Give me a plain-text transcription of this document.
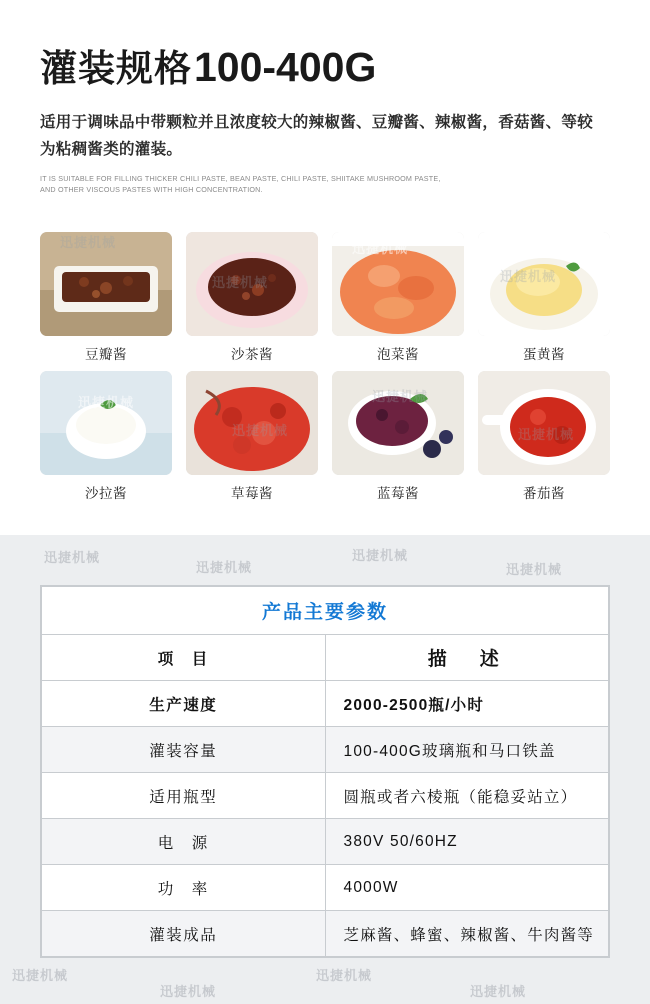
灌装规格 100-400G
适用于调味品中带颗粒并且浓度较大的辣椒酱、豆瓣酱、辣椒酱，香菇酱、等较为粘稠酱类的灌装。
IT IS SUITABLE FOR FILLING THICKER CHILI PASTE, BEAN PASTE, CHILI PASTE, SHIITAKE MUSHROOM PASTE,
AND OTHER VISCOUS PASTES WITH HIGH CONCENTRATION.
豆瓣酱	沙茶酱	泡菜酱	蛋黄酱
沙拉酱	草莓酱	蓝莓酱	番茄酱
迅捷机械
迅捷机械
迅捷机械
迅捷机械
迅捷机械
迅捷机械
迅捷机械
迅捷机械
迅捷机械
迅捷机械
迅捷机械
迅捷机械
迅捷机械
迅捷机械
迅捷机械
迅捷机械
产品主要参数	
项　目	描　述
生产速度	2000-2500瓶/小时
灌装容量	100-400G玻璃瓶和马口铁盖
适用瓶型	圆瓶或者六棱瓶（能稳妥站立）
电　源	380V 50/60HZ
功　率	4000W
灌装成品	芝麻酱、蜂蜜、辣椒酱、牛肉酱等
